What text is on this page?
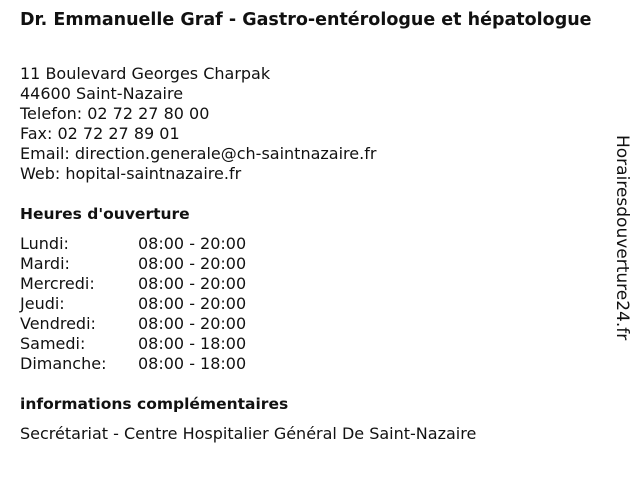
Dr. Emmanuelle Graf - Gastro-entérologue et hépatologue
11 Boulevard Georges Charpak
44600 Saint-Nazaire
Telefon: 02 72 27 80 00
Fax: 02 72 27 89 01
Email: direction.generale@ch-saintnazaire.fr
Web: hopital-saintnazaire.fr
Heures d'ouverture
Lundi:	08:00 - 20:00
Mardi:	08:00 - 20:00
Mercredi:	08:00 - 20:00
Jeudi:	08:00 - 20:00
Vendredi:	08:00 - 20:00
Samedi:	08:00 - 18:00
Dimanche:	08:00 - 18:00
informations complémentaires
Secrétariat - Centre Hospitalier Général De Saint-Nazaire
Horairesdouverture24.fr
